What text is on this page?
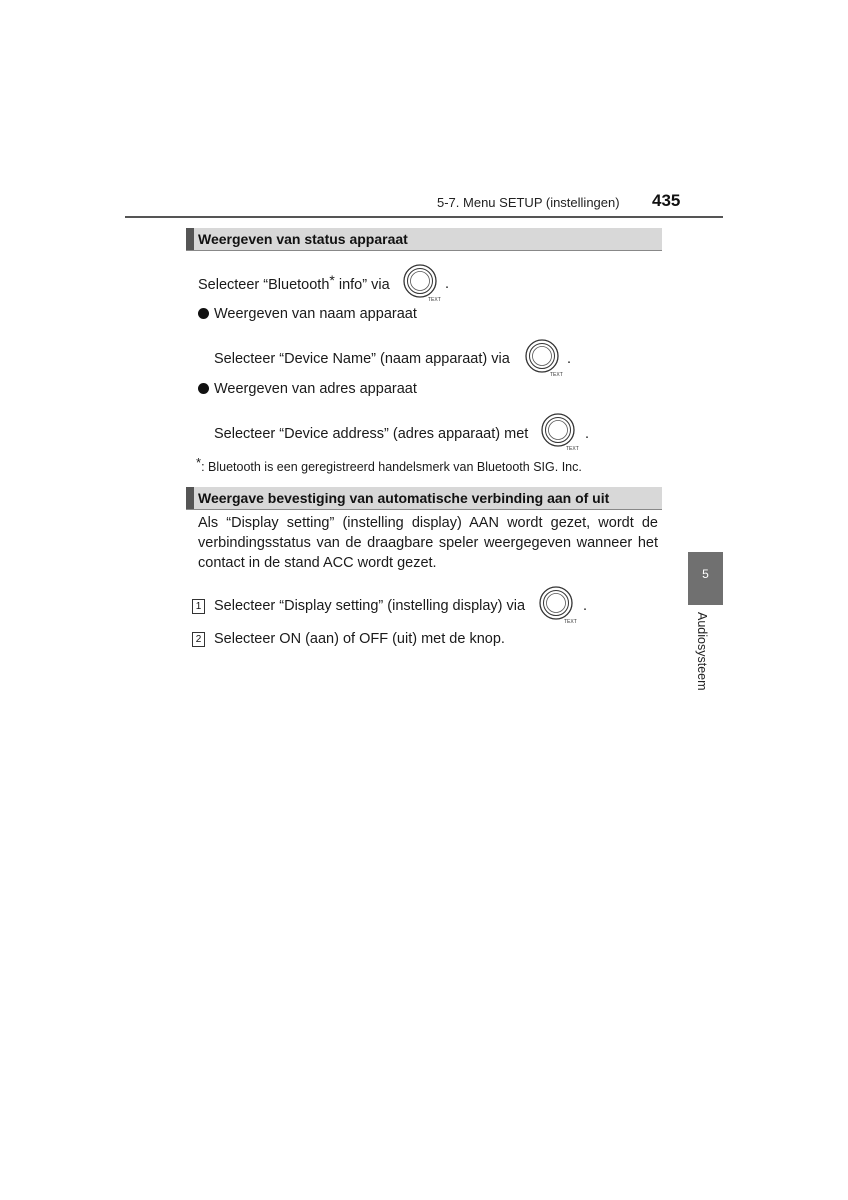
5-7. Menu SETUP (instellingen) 435
Weergeven van status apparaat
Selecteer “Bluetooth* info” via
TEXT
.
Weergeven van naam apparaat
Selecteer “Device Name” (naam apparaat) via
TEXT
.
Weergeven van adres apparaat
Selecteer “Device address” (adres apparaat) met
TEXT
.
*: Bluetooth is een geregistreerd handelsmerk van Bluetooth SIG. Inc.
Weergave bevestiging van automatische verbinding aan of uit
Als “Display setting” (instelling display) AAN wordt gezet, wordt de verbindingsstatus van de draagbare speler weergegeven wanneer het contact in de stand ACC wordt gezet.
1 Selecteer “Display setting” (instelling display) via
TEXT
.
2 Selecteer ON (aan) of OFF (uit) met de knop.
5
Audiosysteem
